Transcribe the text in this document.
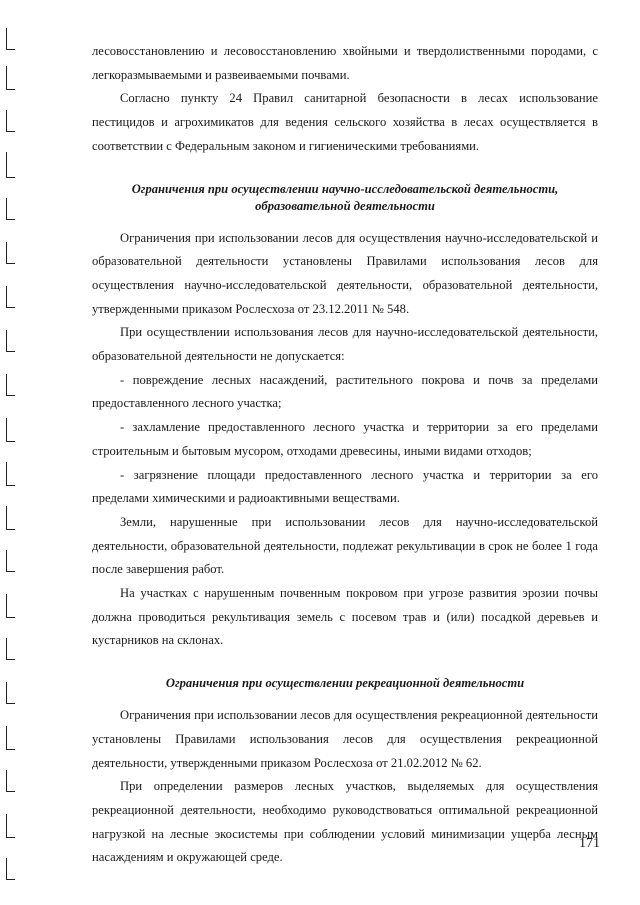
лесовосстановлению и лесовосстановлению хвойными и твердолиственными породами, с легкоразмываемыми и развеиваемыми почвами.

Согласно пункту 24 Правил санитарной безопасности в лесах использование пестицидов и агрохимикатов для ведения сельского хозяйства в лесах осуществляется в соответствии с Федеральным законом и гигиеническими требованиями.

Ограничения при осуществлении научно-исследовательской деятельности, образовательной деятельности

Ограничения при использовании лесов для осуществления научно-исследовательской и образовательной деятельности установлены Правилами использования лесов для осуществления научно-исследовательской деятельности, образовательной деятельности, утвержденными приказом Рослесхоза от 23.12.2011 № 548.

При осуществлении использования лесов для научно-исследовательской деятельности, образовательной деятельности не допускается:

- повреждение лесных насаждений, растительного покрова и почв за пределами предоставленного лесного участка;

- захламление предоставленного лесного участка и территории за его пределами строительным и бытовым мусором, отходами древесины, иными видами отходов;

- загрязнение площади предоставленного лесного участка и территории за его пределами химическими и радиоактивными веществами.

Земли, нарушенные при использовании лесов для научно-исследовательской деятельности, образовательной деятельности, подлежат рекультивации в срок не более 1 года после завершения работ.

На участках с нарушенным почвенным покровом при угрозе развития эрозии почвы должна проводиться рекультивация земель с посевом трав и (или) посадкой деревьев и кустарников на склонах.

Ограничения при осуществлении рекреационной деятельности

Ограничения при использовании лесов для осуществления рекреационной деятельности установлены Правилами использования лесов для осуществления рекреационной деятельности, утвержденными приказом Рослесхоза от 21.02.2012 № 62.

При определении размеров лесных участков, выделяемых для осуществления рекреационной деятельности, необходимо руководствоваться оптимальной рекреационной нагрузкой на лесные экосистемы при соблюдении условий минимизации ущерба лесным насаждениям и окружающей среде.

171
